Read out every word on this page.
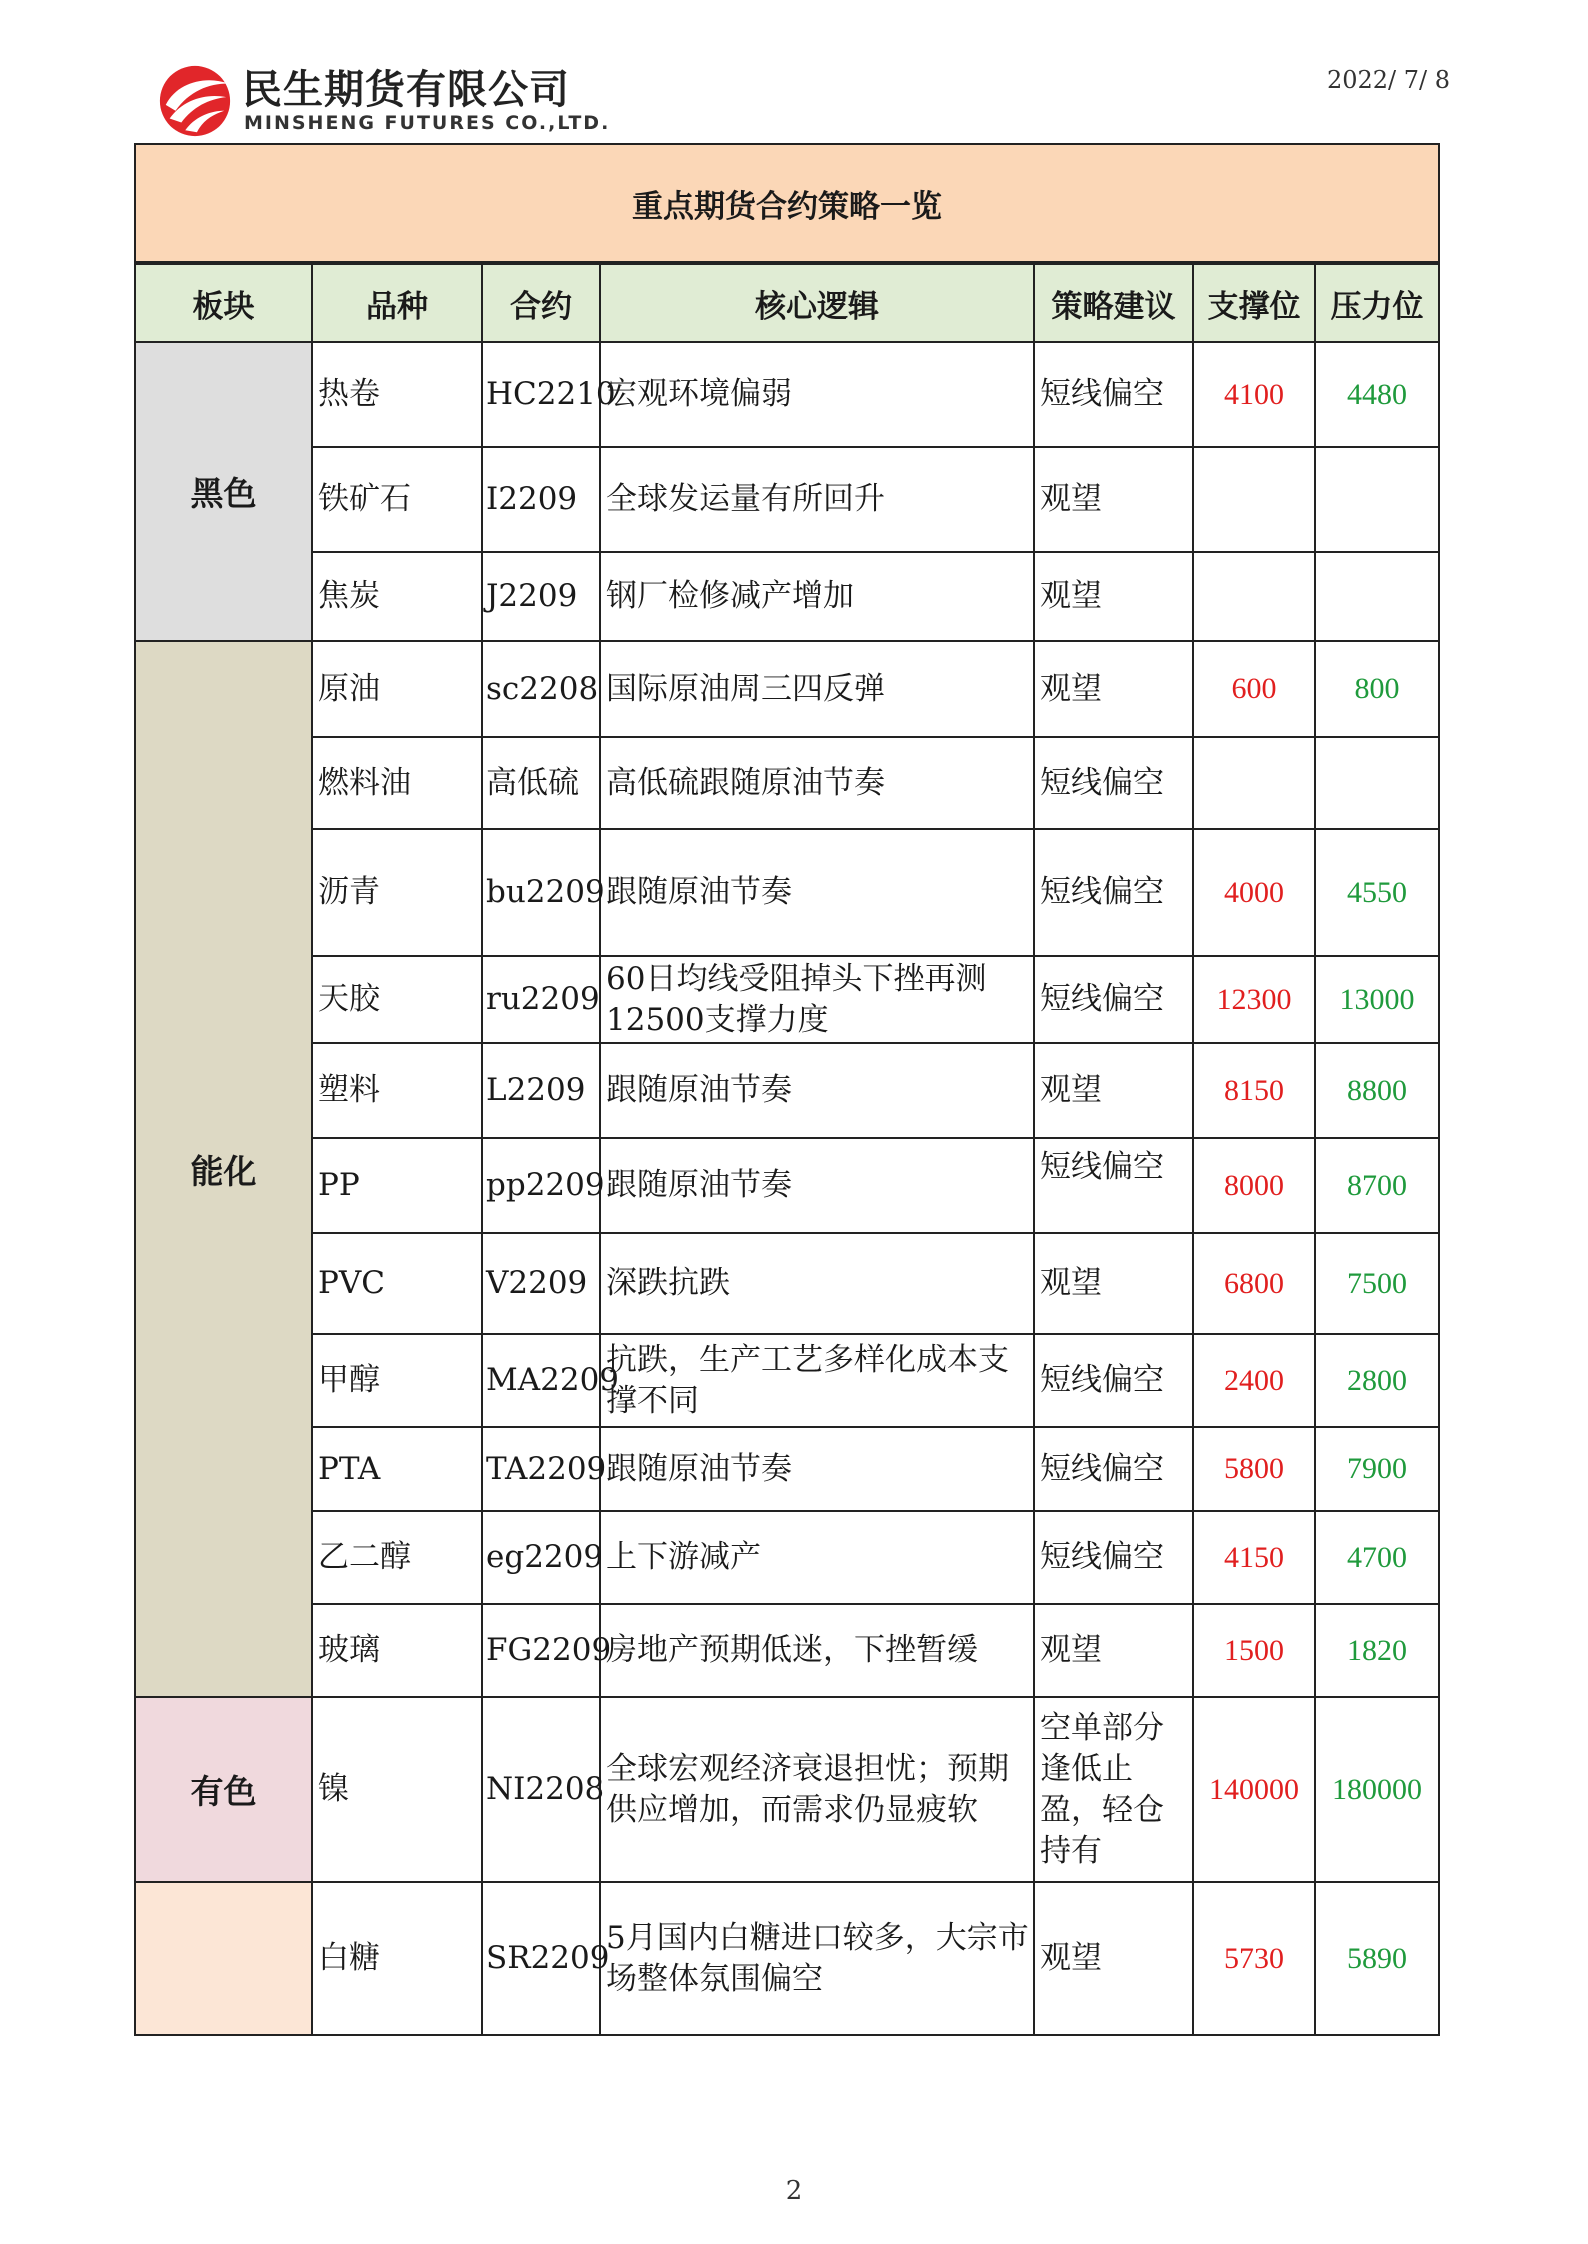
民生期货有限公司
MINSHENG FUTURES CO.,LTD.
2022/ 7/ 8
重点期货合约策略一览						
板块	品种	合约	核心逻辑	策略建议	支撑位	压力位
黑色	热卷	HC2210	宏观环境偏弱	短线偏空	4100	4480
	铁矿石	I2209	全球发运量有所回升	观望		
	焦炭	J2209	钢厂检修减产增加	观望		
能化	原油	sc2208	国际原油周三四反弹	观望	600	800
	燃料油	高低硫	高低硫跟随原油节奏	短线偏空		
	沥青	bu2209	跟随原油节奏	短线偏空	4000	4550
	天胶	ru2209	60日均线受阻掉头下挫再测12500支撑力度	短线偏空	12300	13000
	塑料	L2209	跟随原油节奏	观望	8150	8800
	PP	pp2209	跟随原油节奏	短线偏空	8000	8700
	PVC	V2209	深跌抗跌	观望	6800	7500
	甲醇	MA2209	抗跌，生产工艺多样化成本支撑不同	短线偏空	2400	2800
	PTA	TA2209	跟随原油节奏	短线偏空	5800	7900
	乙二醇	eg2209	上下游减产	短线偏空	4150	4700
	玻璃	FG2209	房地产预期低迷，下挫暂缓	观望	1500	1820
有色	镍	NI2208	全球宏观经济衰退担忧；预期供应增加，而需求仍显疲软	空单部分逢低止盈，轻仓持有	140000	180000
	白糖	SR2209	5月国内白糖进口较多，大宗市场整体氛围偏空	观望	5730	5890
2
